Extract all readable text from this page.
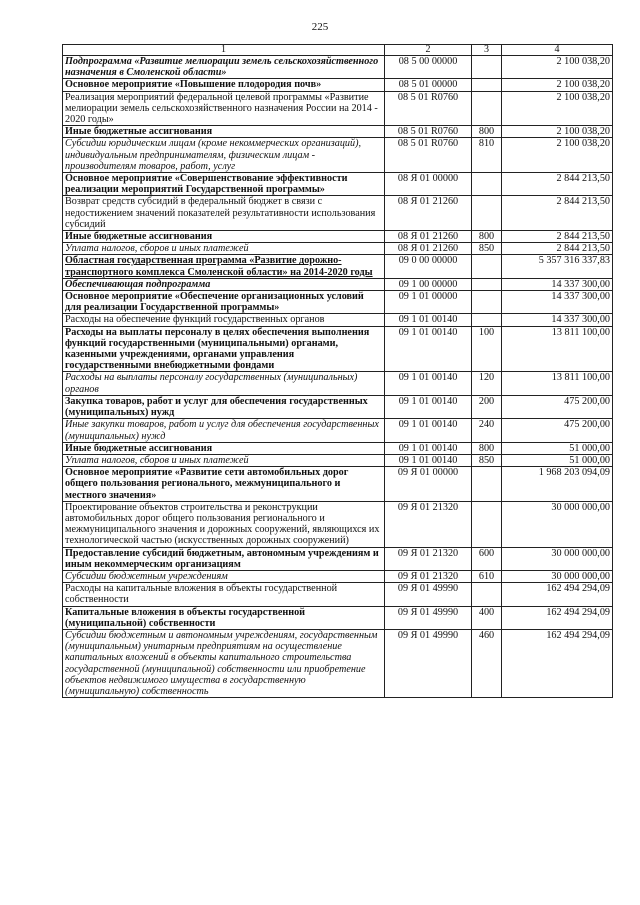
225
1	2	3	4
Подпрограмма «Развитие мелиорации земель сельскохозяйственного назначения в Смоленской области»	08 5 00 00000		2 100 038,20
Основное мероприятие «Повышение плодородия почв»	08 5 01 00000		2 100 038,20
Реализация мероприятий федеральной целевой программы «Развитие мелиорации земель сельскохозяйственного назначения России на 2014 - 2020 годы»	08 5 01 R0760		2 100 038,20
Иные бюджетные ассигнования	08 5 01 R0760	800	2 100 038,20
Субсидии юридическим лицам (кроме некоммерческих организаций), индивидуальным предпринимателям, физическим лицам - производителям товаров, работ, услуг	08 5 01 R0760	810	2 100 038,20
Основное мероприятие «Совершенствование эффективности реализации мероприятий Государственной программы»	08 Я 01 00000		2 844 213,50
Возврат средств субсидий в федеральный бюджет в связи с недостижением значений показателей результативности использования субсидий	08 Я 01 21260		2 844 213,50
Иные бюджетные ассигнования	08 Я 01 21260	800	2 844 213,50
Уплата налогов, сборов и иных платежей	08 Я 01 21260	850	2 844 213,50
Областная государственная программа «Развитие дорожно-транспортного комплекса Смоленской области» на 2014-2020 годы	09 0 00 00000		5 357 316 337,83
Обеспечивающая подпрограмма	09 1 00 00000		14 337 300,00
Основное мероприятие «Обеспечение организационных условий для реализации Государственной программы»	09 1 01 00000		14 337 300,00
Расходы на обеспечение функций государственных органов	09 1 01 00140		14 337 300,00
Расходы на выплаты персоналу в целях обеспечения выполнения функций государственными (муниципальными) органами, казенными учреждениями, органами управления государственными внебюджетными фондами	09 1 01 00140	100	13 811 100,00
Расходы на выплаты персоналу государственных (муниципальных) органов	09 1 01 00140	120	13 811 100,00
Закупка товаров, работ и услуг для обеспечения государственных (муниципальных) нужд	09 1 01 00140	200	475 200,00
Иные закупки товаров, работ и услуг для обеспечения государственных (муниципальных) нужд	09 1 01 00140	240	475 200,00
Иные бюджетные ассигнования	09 1 01 00140	800	51 000,00
Уплата налогов, сборов и иных платежей	09 1 01 00140	850	51 000,00
Основное мероприятие «Развитие сети автомобильных дорог общего пользования регионального, межмуниципального и местного значения»	09 Я 01 00000		1 968 203 094,09
Проектирование объектов строительства и реконструкции автомобильных дорог общего пользования регионального и межмуниципального значения и дорожных сооружений, являющихся их технологической частью (искусственных дорожных сооружений)	09 Я 01 21320		30 000 000,00
Предоставление субсидий бюджетным, автономным учреждениям и иным некоммерческим организациям	09 Я 01 21320	600	30 000 000,00
Субсидии бюджетным учреждениям	09 Я 01 21320	610	30 000 000,00
Расходы на капитальные вложения в объекты государственной собственности	09 Я 01 49990		162 494 294,09
Капитальные вложения в объекты государственной (муниципальной) собственности	09 Я 01 49990	400	162 494 294,09
Субсидии бюджетным и автономным учреждениям, государственным (муниципальным) унитарным предприятиям на осуществление капитальных вложений в объекты капитального строительства государственной (муниципальной) собственности или приобретение объектов недвижимого имущества в государственную (муниципальную) собственность	09 Я 01 49990	460	162 494 294,09
